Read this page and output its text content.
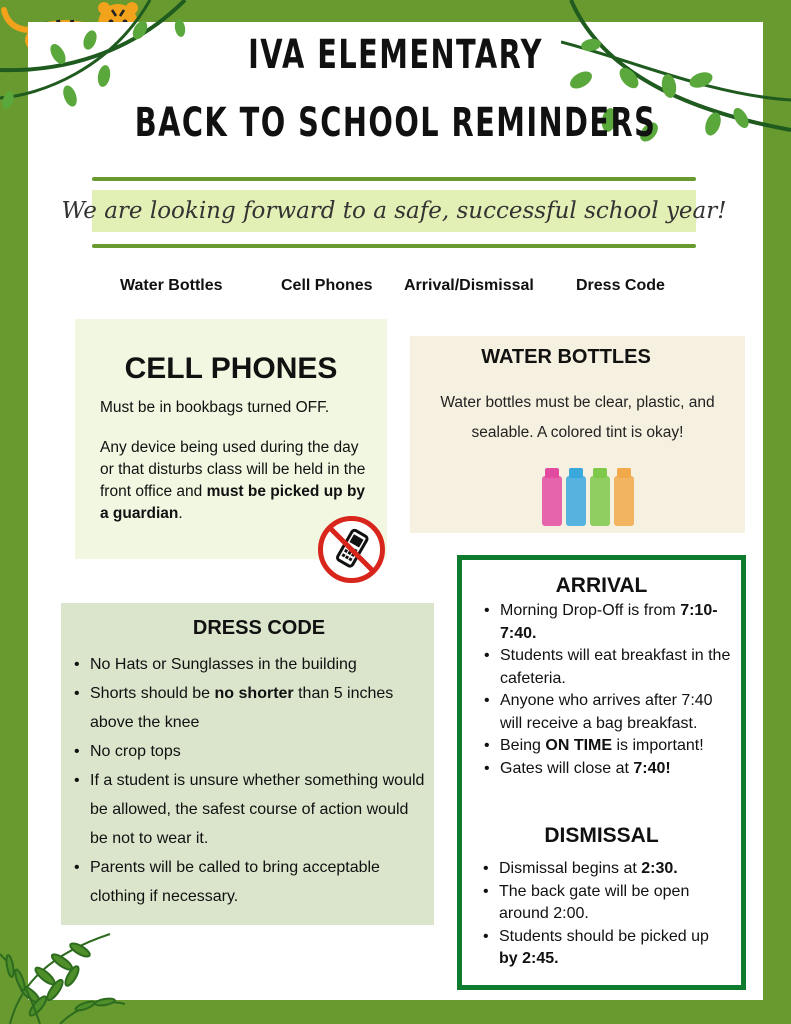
IVA ELEMENTARY
BACK TO SCHOOL REMINDERS
We are looking forward to a safe, successful school year!
Water Bottles	Cell Phones Arrival/Dismissal	Dress Code
CELL PHONES
Must be in bookbags turned OFF.
Any device being used during the day or that disturbs class will be held in the front office and must be picked up by a guardian.
WATER BOTTLES
Water bottles must be clear, plastic, and sealable. A colored tint is okay!
DRESS CODE
• No Hats or Sunglasses in the building
• Shorts should be no shorter than 5 inches above the knee
• No crop tops
• If a student is unsure whether something would be allowed, the safest course of action would be not to wear it.
• Parents will be called to bring acceptable clothing if necessary.
ARRIVAL
• Morning Drop-Off is from 7:10-7:40.
• Students will eat breakfast in the cafeteria.
• Anyone who arrives after 7:40 will receive a bag breakfast.
• Being ON TIME is important!
• Gates will close at 7:40!
DISMISSAL
• Dismissal begins at 2:30.
• The back gate will be open around 2:00.
• Students should be picked up by 2:45.
